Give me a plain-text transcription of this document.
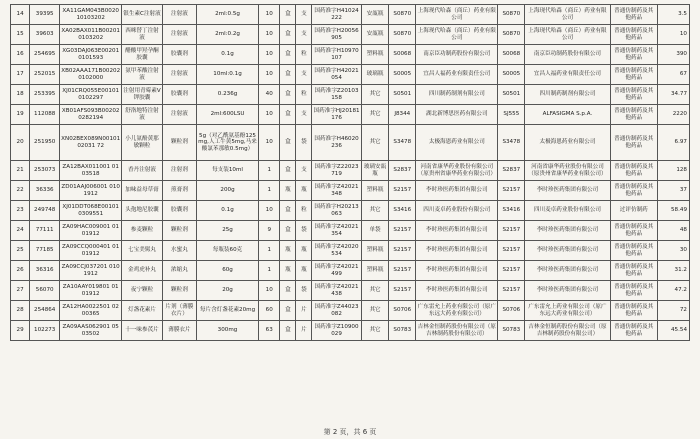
14	39395	XA11GAM043B002010103202	银生素C注射液	注射液	2ml:0.5g	10	盒	支	国药准字H41024222	安瓿瓶	S0870	上海现代哈森（商丘）药业有限公司	S0870	上海现代哈森（商丘）药业有限公司	普通仿制药及其他药品	3.5
15	39603	XA02BAX011B002010103202	西咪替丁注射液	注射液	2ml:0.2g	10	盒	支	国药准字H20056905	安瓿瓶	S0870	上海现代哈森（商丘）药业有限公司	S0870	上海现代哈森（商丘）药业有限公司	普通仿制药及其他药品	10
16	254695	XG03DAJ063E002010101593	醋酸甲羟孕酮胶囊	胶囊剂	0.1g	10	盒	粒	国药准字H10970107	塑料瓶	S0068	南京臣功制药股份有限公司	S0068	南京臣功制药股份有限公司	普通仿制药及其他药品	390
17	252015	XB02AAA171B002020102000	氨甲苯酸注射液	注射液	10ml:0.1g	10	盒	支	国药准字H42021054	玻璃瓶	S0005	宜昌人福药业有限责任公司	S0005	宜昌人福药业有限责任公司	普通仿制药及其他药品	67
18	253395	XJ01CRQ055E001010102297	注射用青霉素V钾胶囊	胶囊剂	0.236g	40	盒	粒	国药准字Z20103158	其它	S0501	四川制药制剂有限公司	S0501	四川制药制剂有限公司	普通仿制药及其他药品	34.77
19	112088	XB01AFS093B002020282194	舒洛地特注射液	注射液	2ml:600LSU	10	盒	支	国药准字HJ20181176	其它	J8344	湖北新博思医药有限公司	SJ555	ALFASIGMA S.p.A.	普通仿制药及其他药品	2220
20	251950	XN02BEX089N0010102031 72	小儿氨酚黄那敏颗粒	颗粒剂	5g（对乙酰氨基酚125mg,人工牛黄5mg,马来酸氯苯那敏0.5mg）	10	盒	袋	国药准字H46020236	其它	S3478	太极海恩药业有限公司	S3478	太极海恩药业有限公司	普通仿制药及其他药品	6.97
21	253073	ZA12BAX011001 0103518	香丹注射液	注射剂	每支装10ml	1	盒	支	国药准字Z22023719	玻璃安瓿瓶	S2837	河南省康华药业股份有限公司（原贵州省康华药业有限公司）	S2837	河南省康华药业股份有限公司（原贵州省康华药业有限公司）	普通仿制药及其他药品	128
22	36336	ZD01AAJ006001 0101912	加味益母草膏	煎膏剂	200g	1	瓶	瓶	国药准字Z42021348	塑料瓶	S2157	李时珍医药集团有限公司	S2157	李时珍医药集团有限公司	普通仿制药及其他药品	37
23	249748	XJ01DDT068E001010309551	头孢地尼胶囊	胶囊剂	0.1g	10	盒	粒	国药准字H20213063	其它	S3416	四川麦卓药业股份有限公司	S3416	四川麦卓药业股份有限公司	过评仿制药	58.49
24	77111	ZA09HAC009001 0101912	参麦颗粒	颗粒剂	25g	9	盒	袋	国药准字Z42021354	单袋	S2157	李时珍医药集团有限公司	S2157	李时珍医药集团有限公司	普通仿制药及其他药品	48
25	77185	ZA09CCQ000401 0101912	七宝美髯丸	水蜜丸	每瓶装60克	1	瓶	瓶	国药准字Z42020534	塑料瓶	S2157	李时珍医药集团有限公司	S2157	李时珍医药集团有限公司	普通仿制药及其他药品	30
26	36316	ZA09CCJ037201 0101912	金鸡虎补丸	浓缩丸	60g	1	瓶	瓶	国药准字Z42021499	塑料瓶	S2157	李时珍医药集团有限公司	S2157	李时珍医药集团有限公司	普通仿制药及其他药品	31.2
27	56070	ZA10AAY019801 0101912	夜宁颗粒	颗粒剂	20g	10	盒	袋	国药准字Z42021438	其它	S2157	李时珍医药集团有限公司	S2157	李时珍医药集团有限公司	普通仿制药及其他药品	47.2
28	254864	ZA12HA0022501 0200365	灯盏花素片	片剂（薄膜衣片）	每片含灯盏花素20mg	60	盒	片	国药准字Z44023082	其它	S0706	广东雷允上药业有限公司（原广东远大药业有限公司）	S0706	广东雷允上药业有限公司（原广东远大药业有限公司）	普通仿制药及其他药品	72
29	102273	ZA09AAS062901 0503502	十一味参芪片	薄膜衣片	300mg	63	盒	片	国药准字Z10900029	其它	S0783	吉林金恒制药股份有限公司（原吉林制药股份有限公司）	S0783	吉林金恒制药股份有限公司（原吉林制药股份有限公司）	普通仿制药及其他药品	45.54
第 2 页，共 6 页
